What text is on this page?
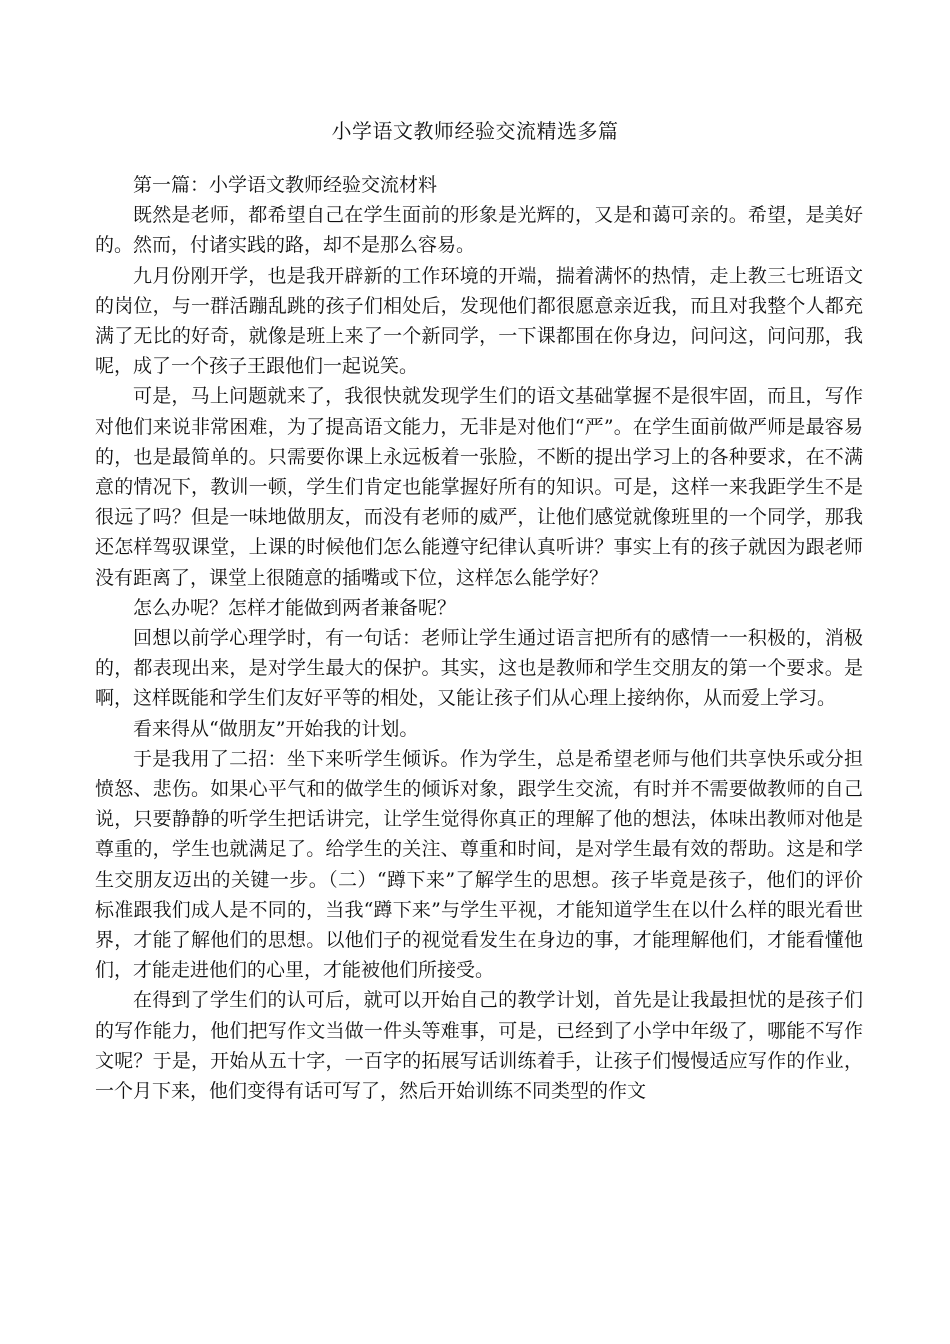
小学语文教师经验交流精选多篇

第一篇：小学语文教师经验交流材料

既然是老师，都希望自己在学生面前的形象是光辉的，又是和蔼可亲的。希望，是美好的。然而，付诸实践的路，却不是那么容易。

九月份刚开学，也是我开辟新的工作环境的开端，揣着满怀的热情，走上教三七班语文的岗位，与一群活蹦乱跳的孩子们相处后，发现他们都很愿意亲近我，而且对我整个人都充满了无比的好奇，就像是班上来了一个新同学，一下课都围在你身边，问问这，问问那，我呢，成了一个孩子王跟他们一起说笑。

可是，马上问题就来了，我很快就发现学生们的语文基础掌握不是很牢固，而且，写作对他们来说非常困难，为了提高语文能力，无非是对他们“严”。在学生面前做严师是最容易的，也是最简单的。只需要你课上永远板着一张脸，不断的提出学习上的各种要求，在不满意的情况下，教训一顿，学生们肯定也能掌握好所有的知识。可是，这样一来我距学生不是很远了吗？但是一味地做朋友，而没有老师的威严，让他们感觉就像班里的一个同学，那我还怎样驾驭课堂，上课的时候他们怎么能遵守纪律认真听讲？事实上有的孩子就因为跟老师没有距离了，课堂上很随意的插嘴或下位，这样怎么能学好？

怎么办呢？怎样才能做到两者兼备呢？

回想以前学心理学时，有一句话：老师让学生通过语言把所有的感情一一积极的，消极的，都表现出来，是对学生最大的保护。其实，这也是教师和学生交朋友的第一个要求。是啊，这样既能和学生们友好平等的相处，又能让孩子们从心理上接纳你，从而爱上学习。

看来得从“做朋友”开始我的计划。

于是我用了二招：坐下来听学生倾诉。作为学生，总是希望老师与他们共享快乐或分担愤怒、悲伤。如果心平气和的做学生的倾诉对象，跟学生交流，有时并不需要做教师的自己说，只要静静的听学生把话讲完，让学生觉得你真正的理解了他的想法，体味出教师对他是尊重的，学生也就满足了。给学生的关注、尊重和时间，是对学生最有效的帮助。这是和学生交朋友迈出的关键一步。（二）“蹲下来”了解学生的思想。孩子毕竟是孩子，他们的评价标准跟我们成人是不同的，当我“蹲下来”与学生平视，才能知道学生在以什么样的眼光看世界，才能了解他们的思想。以他们子的视觉看发生在身边的事，才能理解他们，才能看懂他们，才能走进他们的心里，才能被他们所接受。

在得到了学生们的认可后，就可以开始自己的教学计划，首先是让我最担忧的是孩子们的写作能力，他们把写作文当做一件头等难事，可是，已经到了小学中年级了，哪能不写作文呢？于是，开始从五十字，一百字的拓展写话训练着手，让孩子们慢慢适应写作的作业，一个月下来，他们变得有话可写了，然后开始训练不同类型的作文
